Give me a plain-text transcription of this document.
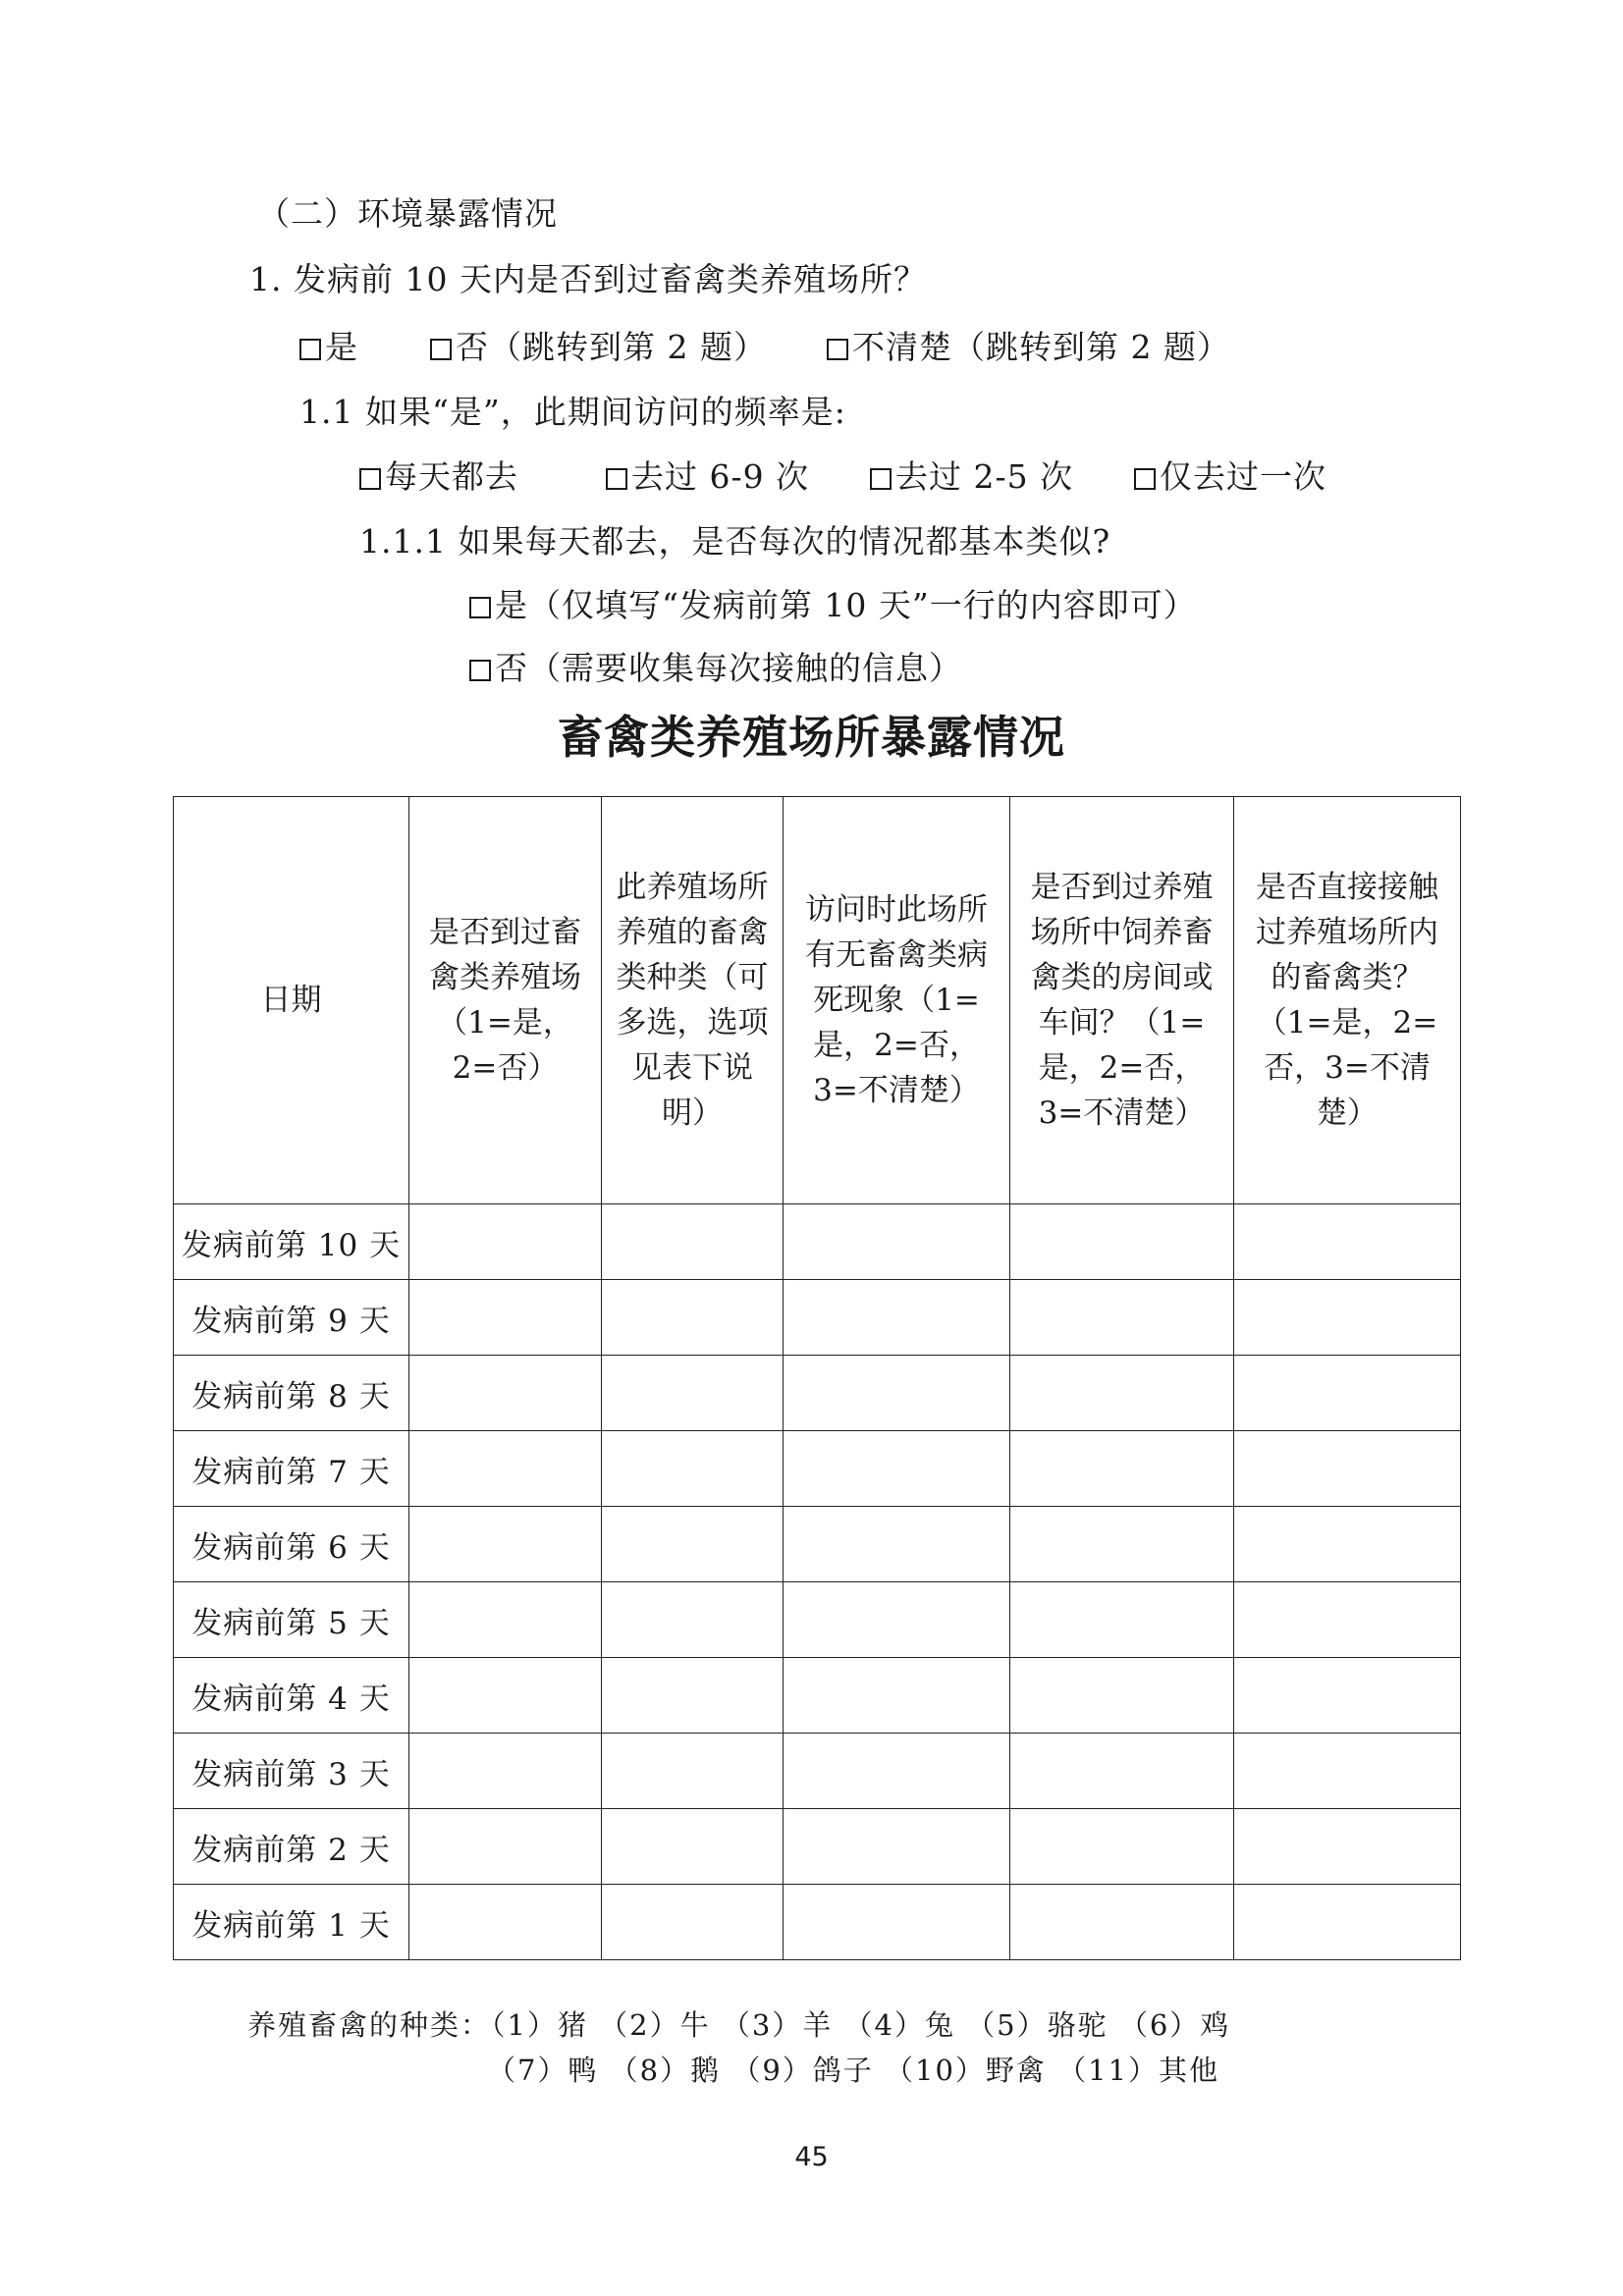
（二）环境暴露情况
1. 发病前 10 天内是否到过畜禽类养殖场所？
是	否（跳转到第 2 题）	不清楚（跳转到第 2 题）
1.1 如果“是”，此期间访问的频率是:
每天都去	去过 6-9 次	去过 2-5 次	仅去过一次
1.1.1 如果每天都去，是否每次的情况都基本类似?
是（仅填写“发病前第 10 天”一行的内容即可）
否（需要收集每次接触的信息）
畜禽类养殖场所暴露情况
日期	是否到过畜禽类养殖场（1=是，2=否）	此养殖场所养殖的畜禽类种类（可多选，选项见表下说明）	访问时此场所有无畜禽类病死现象（1=是，2=否，3=不清楚）	是否到过养殖场所中饲养畜禽类的房间或车间？（1=是，2=否，3=不清楚）	是否直接接触过养殖场所内的畜禽类？（1=是，2=否，3=不清楚）

发病前第 10 天					
发病前第 9 天					
发病前第 8 天					
发病前第 7 天					
发病前第 6 天					
发病前第 5 天					
发病前第 4 天					
发病前第 3 天					
发病前第 2 天					
发病前第 1 天					
养殖畜禽的种类：（1）猪 （2）牛 （3）羊 （4）兔 （5）骆驼 （6）鸡
（7）鸭 （8）鹅 （9）鸽子 （10）野禽 （11）其他
45
